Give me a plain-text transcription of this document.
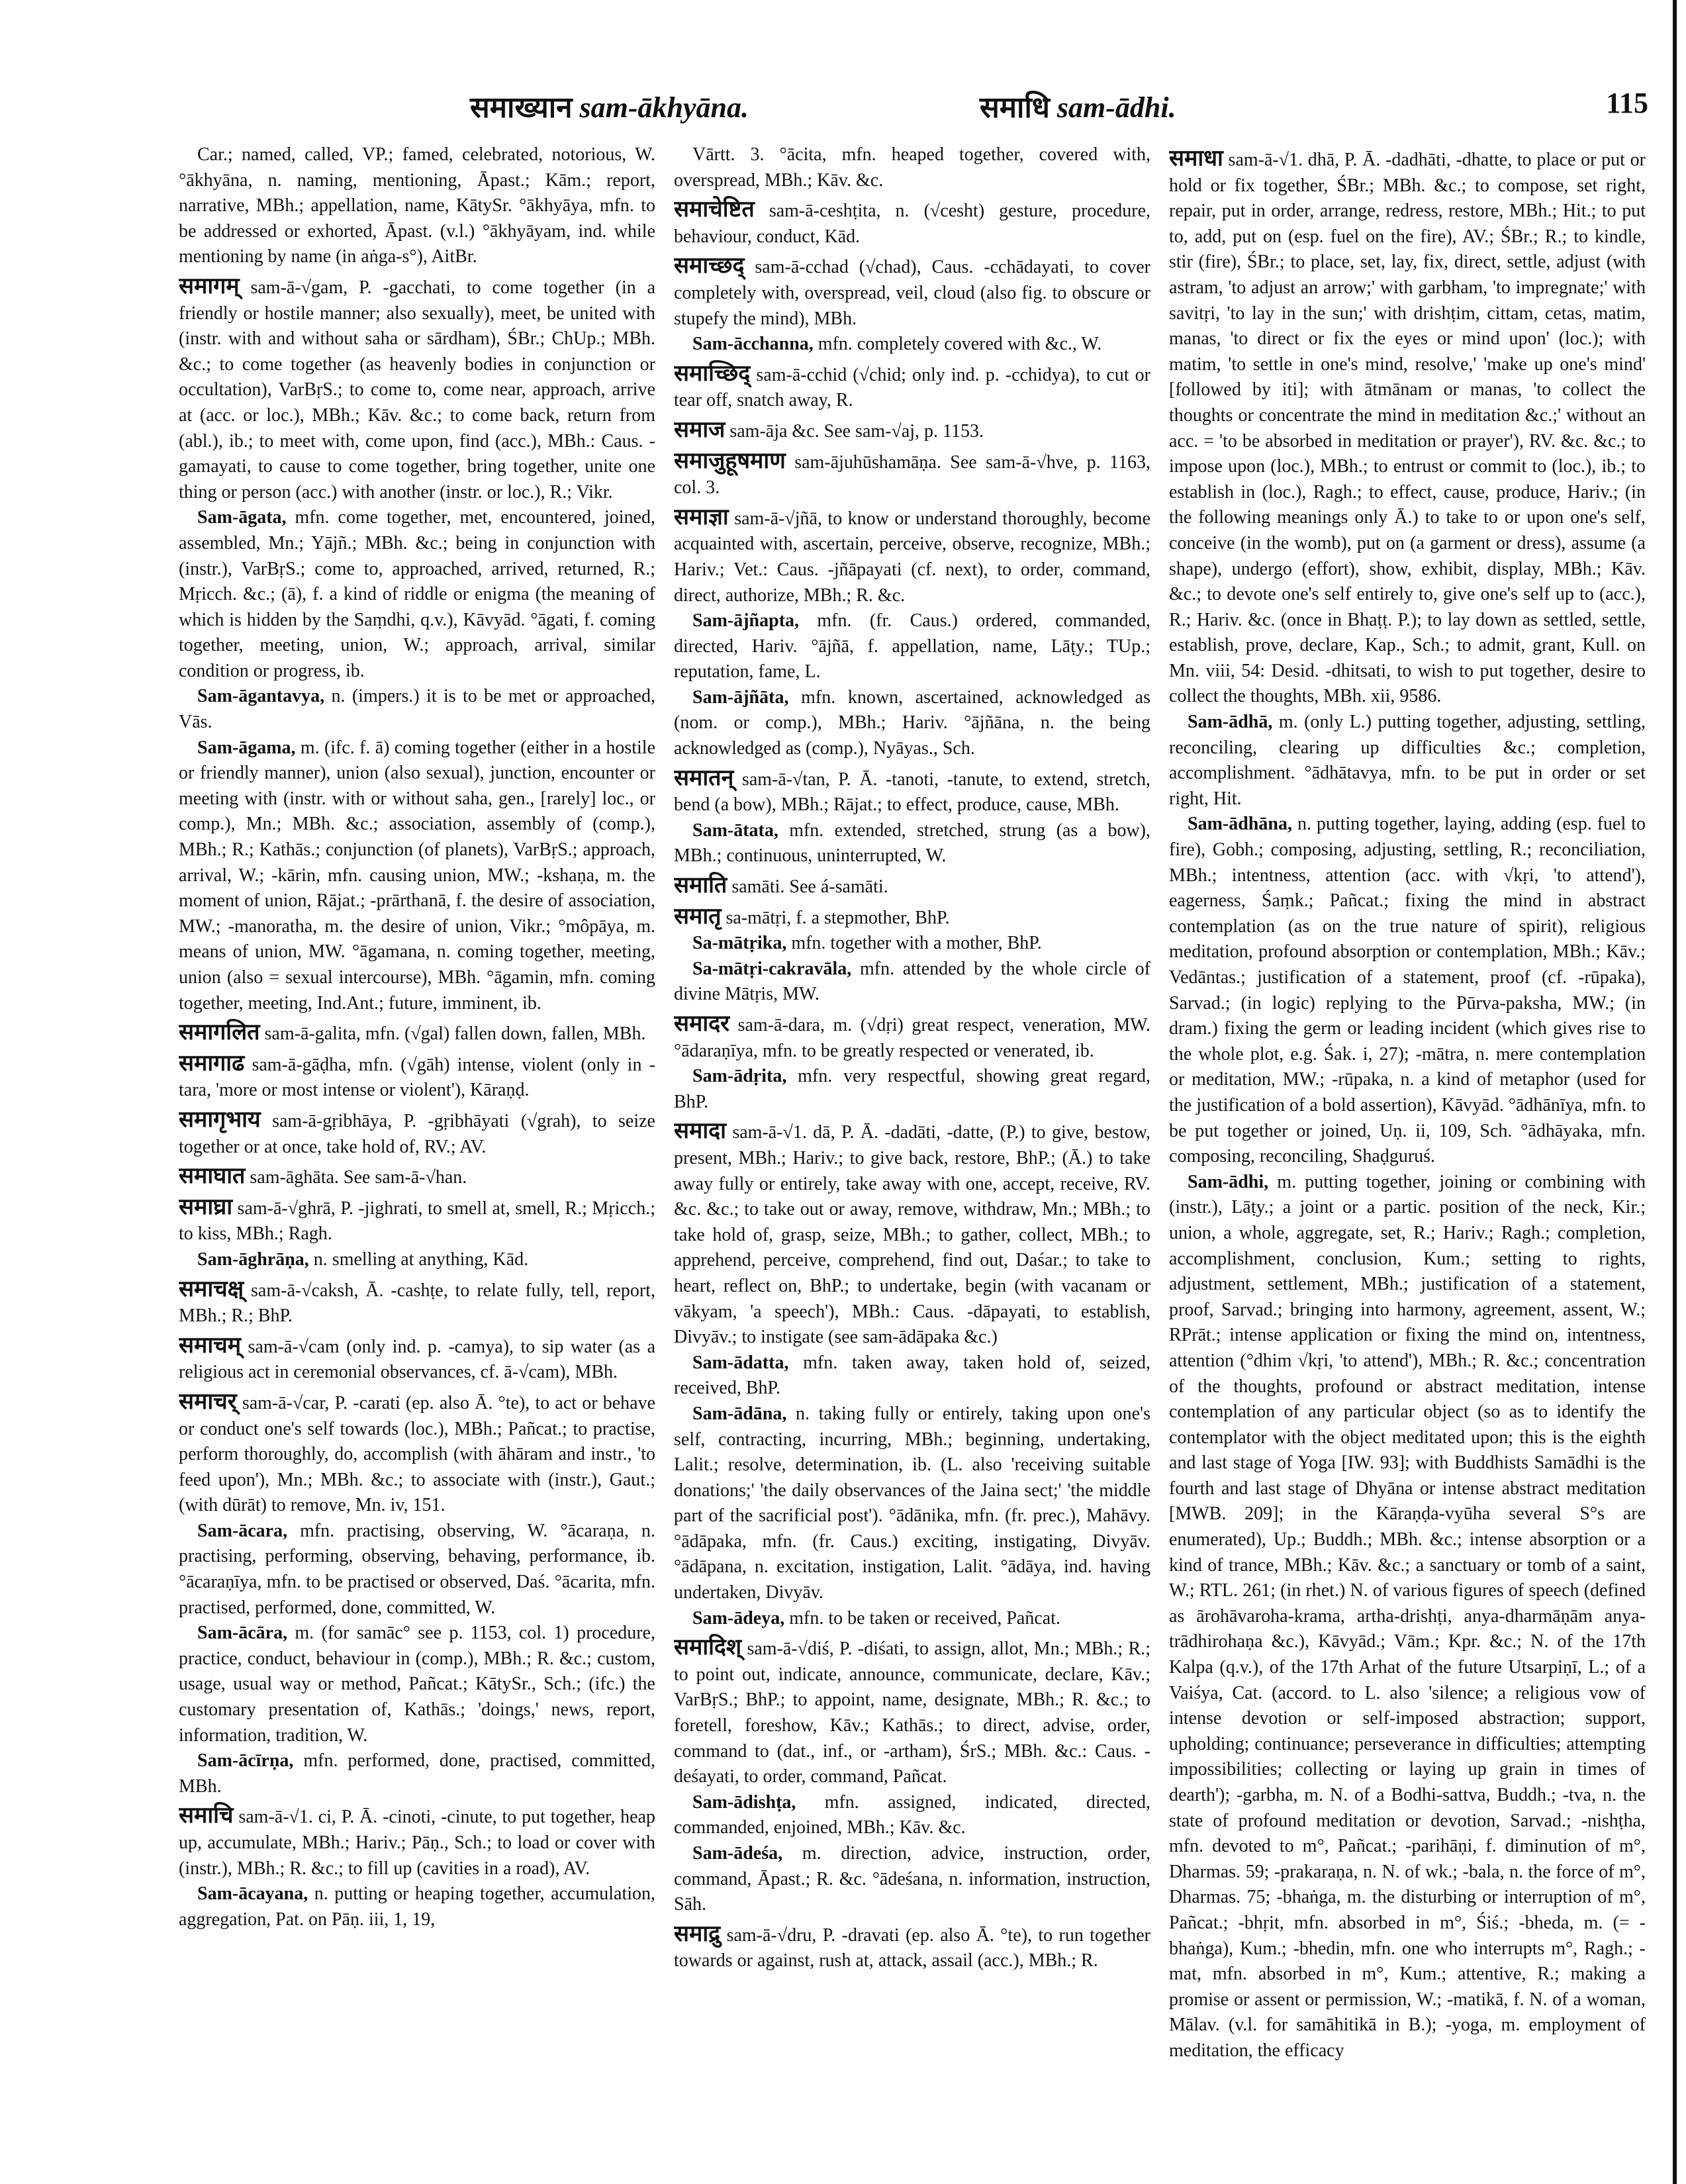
समाख्यान sam-ākhyāna.	समाधि sam-ādhi.	115

Car.; named, called, VP.; famed, celebrated, notorious, W. °ākhyāna, n. naming, mentioning, Āpast.; Kām.; report, narrative, MBh.; appellation, name, KātySr. °ākhyāya, mfn. to be addressed or exhorted, Āpast. (v.l.) °ākhyāyam, ind. while mentioning by name (in aṅga-s°), AitBr.

समागम् sam-ā-√gam, P. -gacchati, to come together (in a friendly or hostile manner; also sexually), meet, be united with (instr. with and without saha or sārdham), ŚBr.; ChUp.; MBh. &c.; to come together (as heavenly bodies in conjunction or occultation), VarBṛS.; to come to, come near, approach, arrive at (acc. or loc.), MBh.; Kāv. &c.; to come back, return from (abl.), ib.; to meet with, come upon, find (acc.), MBh.: Caus. -gamayati, to cause to come together, bring together, unite one thing or person (acc.) with another (instr. or loc.), R.; Vikr.

Sam-āgata, mfn. come together, met, encountered, joined, assembled, Mn.; Yājñ.; MBh. &c.; being in conjunction with (instr.), VarBṛS.; come to, approached, arrived, returned, R.; Mṛicch. &c.; (ā), f. a kind of riddle or enigma (the meaning of which is hidden by the Saṃdhi, q.v.), Kāvyād. °āgati, f. coming together, meeting, union, W.; approach, arrival, similar condition or progress, ib.

Sam-āgantavya, n. (impers.) it is to be met or approached, Vās.

Sam-āgama, m. (ifc. f. ā) coming together (either in a hostile or friendly manner), union (also sexual), junction, encounter or meeting with (instr. with or without saha, gen., [rarely] loc., or comp.), Mn.; MBh. &c.; association, assembly of (comp.), MBh.; R.; Kathās.; conjunction (of planets), VarBṛS.; approach, arrival, W.; -kārin, mfn. causing union, MW.; -kshaṇa, m. the moment of union, Rājat.; -prārthanā, f. the desire of association, MW.; -manoratha, m. the desire of union, Vikr.; °môpāya, m. means of union, MW. °āgamana, n. coming together, meeting, union (also = sexual intercourse), MBh. °āgamin, mfn. coming together, meeting, Ind.Ant.; future, imminent, ib.

समागलित sam-ā-galita, mfn. (√gal) fallen down, fallen, MBh.

समागाढ sam-ā-gāḍha, mfn. (√gāh) intense, violent (only in -tara, 'more or most intense or violent'), Kāraṇḍ.

समागृभाय sam-ā-gṛibhāya, P. -gṛibhāyati (√grah), to seize together or at once, take hold of, RV.; AV.

समाघात sam-āghāta. See sam-ā-√han.

समाघ्रा sam-ā-√ghrā, P. -jighrati, to smell at, smell, R.; Mṛicch.; to kiss, MBh.; Ragh.

Sam-āghrāṇa, n. smelling at anything, Kād.

समाचक्ष् sam-ā-√caksh, Ā. -cashṭe, to relate fully, tell, report, MBh.; R.; BhP.

समाचम् sam-ā-√cam (only ind. p. -camya), to sip water (as a religious act in ceremonial observances, cf. ā-√cam), MBh.

समाचर् sam-ā-√car, P. -carati (ep. also Ā. °te), to act or behave or conduct one's self towards (loc.), MBh.; Pañcat.; to practise, perform thoroughly, do, accomplish (with āhāram and instr., 'to feed upon'), Mn.; MBh. &c.; to associate with (instr.), Gaut.; (with dūrāt) to remove, Mn. iv, 151.

Sam-ācara, mfn. practising, observing, W. °ācaraṇa, n. practising, performing, observing, behaving, performance, ib. °ācaraṇīya, mfn. to be practised or observed, Daś. °ācarita, mfn. practised, performed, done, committed, W.

Sam-ācāra, m. (for samāc° see p. 1153, col. 1) procedure, practice, conduct, behaviour in (comp.), MBh.; R. &c.; custom, usage, usual way or method, Pañcat.; KātySr., Sch.; (ifc.) the customary presentation of, Kathās.; 'doings,' news, report, information, tradition, W.

Sam-ācīrṇa, mfn. performed, done, practised, committed, MBh.

समाचि sam-ā-√1. ci, P. Ā. -cinoti, -cinute, to put together, heap up, accumulate, MBh.; Hariv.; Pāṇ., Sch.; to load or cover with (instr.), MBh.; R. &c.; to fill up (cavities in a road), AV.

Sam-ācayana, n. putting or heaping together, accumulation, aggregation, Pat. on Pāṇ. iii, 1, 19,

Vārtt. 3. °ācita, mfn. heaped together, covered with, overspread, MBh.; Kāv. &c.

समाचेष्टित sam-ā-ceshṭita, n. (√cesht) gesture, procedure, behaviour, conduct, Kād.

समाच्छद् sam-ā-cchad (√chad), Caus. -cchādayati, to cover completely with, overspread, veil, cloud (also fig. to obscure or stupefy the mind), MBh.

Sam-ācchanna, mfn. completely covered with &c., W.

समाच्छिद् sam-ā-cchid (√chid; only ind. p. -cchidya), to cut or tear off, snatch away, R.

समाज sam-āja &c. See sam-√aj, p. 1153.

समाजुहूषमाण sam-ājuhūshamāṇa. See sam-ā-√hve, p. 1163, col. 3.

समाज्ञा sam-ā-√jñā, to know or understand thoroughly, become acquainted with, ascertain, perceive, observe, recognize, MBh.; Hariv.; Vet.: Caus. -jñāpayati (cf. next), to order, command, direct, authorize, MBh.; R. &c.

Sam-ājñapta, mfn. (fr. Caus.) ordered, commanded, directed, Hariv. °ājñā, f. appellation, name, Lāṭy.; TUp.; reputation, fame, L.

Sam-ājñāta, mfn. known, ascertained, acknowledged as (nom. or comp.), MBh.; Hariv. °ājñāna, n. the being acknowledged as (comp.), Nyāyas., Sch.

समातन् sam-ā-√tan, P. Ā. -tanoti, -tanute, to extend, stretch, bend (a bow), MBh.; Rājat.; to effect, produce, cause, MBh.

Sam-ātata, mfn. extended, stretched, strung (as a bow), MBh.; continuous, uninterrupted, W.

समाति samāti. See á-samāti.

समातृ sa-mātṛi, f. a stepmother, BhP.

Sa-mātṛika, mfn. together with a mother, BhP.

Sa-mātṛi-cakravāla, mfn. attended by the whole circle of divine Mātṛis, MW.

समादर sam-ā-dara, m. (√dṛi) great respect, veneration, MW. °ādaraṇīya, mfn. to be greatly respected or venerated, ib.

Sam-ādṛita, mfn. very respectful, showing great regard, BhP.

समादा sam-ā-√1. dā, P. Ā. -dadāti, -datte, (P.) to give, bestow, present, MBh.; Hariv.; to give back, restore, BhP.; (Ā.) to take away fully or entirely, take away with one, accept, receive, RV. &c. &c.; to take out or away, remove, withdraw, Mn.; MBh.; to take hold of, grasp, seize, MBh.; to gather, collect, MBh.; to apprehend, perceive, comprehend, find out, Daśar.; to take to heart, reflect on, BhP.; to undertake, begin (with vacanam or vākyam, 'a speech'), MBh.: Caus. -dāpayati, to establish, Divyāv.; to instigate (see sam-ādāpaka &c.)

Sam-ādatta, mfn. taken away, taken hold of, seized, received, BhP.

Sam-ādāna, n. taking fully or entirely, taking upon one's self, contracting, incurring, MBh.; beginning, undertaking, Lalit.; resolve, determination, ib. (L. also 'receiving suitable donations;' 'the daily observances of the Jaina sect;' 'the middle part of the sacrificial post'). °ādānika, mfn. (fr. prec.), Mahāvy. °ādāpaka, mfn. (fr. Caus.) exciting, instigating, Divyāv. °ādāpana, n. excitation, instigation, Lalit. °ādāya, ind. having undertaken, Divyāv.

Sam-ādeya, mfn. to be taken or received, Pañcat.

समादिश् sam-ā-√diś, P. -diśati, to assign, allot, Mn.; MBh.; R.; to point out, indicate, announce, communicate, declare, Kāv.; VarBṛS.; BhP.; to appoint, name, designate, MBh.; R. &c.; to foretell, foreshow, Kāv.; Kathās.; to direct, advise, order, command to (dat., inf., or -artham), ŚrS.; MBh. &c.: Caus. -deśayati, to order, command, Pañcat.

Sam-ādishṭa, mfn. assigned, indicated, directed, commanded, enjoined, MBh.; Kāv. &c.

Sam-ādeśa, m. direction, advice, instruction, order, command, Āpast.; R. &c. °ādeśana, n. information, instruction, Sāh.

समाद्रु sam-ā-√dru, P. -dravati (ep. also Ā. °te), to run together towards or against, rush at, attack, assail (acc.), MBh.; R.

समाधा sam-ā-√1. dhā, P. Ā. -dadhāti, -dhatte, to place or put or hold or fix together, ŚBr.; MBh. &c.; to compose, set right, repair, put in order, arrange, redress, restore, MBh.; Hit.; to put to, add, put on (esp. fuel on the fire), AV.; ŚBr.; R.; to kindle, stir (fire), ŚBr.; to place, set, lay, fix, direct, settle, adjust (with astram, 'to adjust an arrow;' with garbham, 'to impregnate;' with savitṛi, 'to lay in the sun;' with drishṭim, cittam, cetas, matim, manas, 'to direct or fix the eyes or mind upon' (loc.); with matim, 'to settle in one's mind, resolve,' 'make up one's mind' [followed by iti]; with ātmānam or manas, 'to collect the thoughts or concentrate the mind in meditation &c.;' without an acc. = 'to be absorbed in meditation or prayer'), RV. &c. &c.; to impose upon (loc.), MBh.; to entrust or commit to (loc.), ib.; to establish in (loc.), Ragh.; to effect, cause, produce, Hariv.; (in the following meanings only Ā.) to take to or upon one's self, conceive (in the womb), put on (a garment or dress), assume (a shape), undergo (effort), show, exhibit, display, MBh.; Kāv. &c.; to devote one's self entirely to, give one's self up to (acc.), R.; Hariv. &c. (once in Bhaṭṭ. P.); to lay down as settled, settle, establish, prove, declare, Kap., Sch.; to admit, grant, Kull. on Mn. viii, 54: Desid. -dhitsati, to wish to put together, desire to collect the thoughts, MBh. xii, 9586.

Sam-ādhā, m. (only L.) putting together, adjusting, settling, reconciling, clearing up difficulties &c.; completion, accomplishment. °ādhātavya, mfn. to be put in order or set right, Hit.

Sam-ādhāna, n. putting together, laying, adding (esp. fuel to fire), Gobh.; composing, adjusting, settling, R.; reconciliation, MBh.; intentness, attention (acc. with √kṛi, 'to attend'), eagerness, Śaṃk.; Pañcat.; fixing the mind in abstract contemplation (as on the true nature of spirit), religious meditation, profound absorption or contemplation, MBh.; Kāv.; Vedāntas.; justification of a statement, proof (cf. -rūpaka), Sarvad.; (in logic) replying to the Pūrva-paksha, MW.; (in dram.) fixing the germ or leading incident (which gives rise to the whole plot, e.g. Śak. i, 27); -mātra, n. mere contemplation or meditation, MW.; -rūpaka, n. a kind of metaphor (used for the justification of a bold assertion), Kāvyād. °ādhānīya, mfn. to be put together or joined, Uṇ. ii, 109, Sch. °ādhāyaka, mfn. composing, reconciling, Shaḍguruś.

Sam-ādhi, m. putting together, joining or combining with (instr.), Lāṭy.; a joint or a partic. position of the neck, Kir.; union, a whole, aggregate, set, R.; Hariv.; Ragh.; completion, accomplishment, conclusion, Kum.; setting to rights, adjustment, settlement, MBh.; justification of a statement, proof, Sarvad.; bringing into harmony, agreement, assent, W.; RPrāt.; intense application or fixing the mind on, intentness, attention (°dhim √kṛi, 'to attend'), MBh.; R. &c.; concentration of the thoughts, profound or abstract meditation, intense contemplation of any particular object (so as to identify the contemplator with the object meditated upon; this is the eighth and last stage of Yoga [IW. 93]; with Buddhists Samādhi is the fourth and last stage of Dhyāna or intense abstract meditation [MWB. 209]; in the Kāraṇḍa-vyūha several S°s are enumerated), Up.; Buddh.; MBh. &c.; intense absorption or a kind of trance, MBh.; Kāv. &c.; a sanctuary or tomb of a saint, W.; RTL. 261; (in rhet.) N. of various figures of speech (defined as ārohāvaroha-krama, artha-drishṭi, anya-dharmāṇām anya-trādhirohaṇa &c.), Kāvyād.; Vām.; Kpr. &c.; N. of the 17th Kalpa (q.v.), of the 17th Arhat of the future Utsarpiṇī, L.; of a Vaiśya, Cat. (accord. to L. also 'silence; a religious vow of intense devotion or self-imposed abstraction; support, upholding; continuance; perseverance in difficulties; attempting impossibilities; collecting or laying up grain in times of dearth'); -garbha, m. N. of a Bodhi-sattva, Buddh.; -tva, n. the state of profound meditation or devotion, Sarvad.; -nishṭha, mfn. devoted to m°, Pañcat.; -parihāṇi, f. diminution of m°, Dharmas. 59; -prakaraṇa, n. N. of wk.; -bala, n. the force of m°, Dharmas. 75; -bhaṅga, m. the disturbing or interruption of m°, Pañcat.; -bhṛit, mfn. absorbed in m°, Śiś.; -bheda, m. (= -bhaṅga), Kum.; -bhedin, mfn. one who interrupts m°, Ragh.; -mat, mfn. absorbed in m°, Kum.; attentive, R.; making a promise or assent or permission, W.; -matikā, f. N. of a woman, Mālav. (v.l. for samāhitikā in B.); -yoga, m. employment of meditation, the efficacy
